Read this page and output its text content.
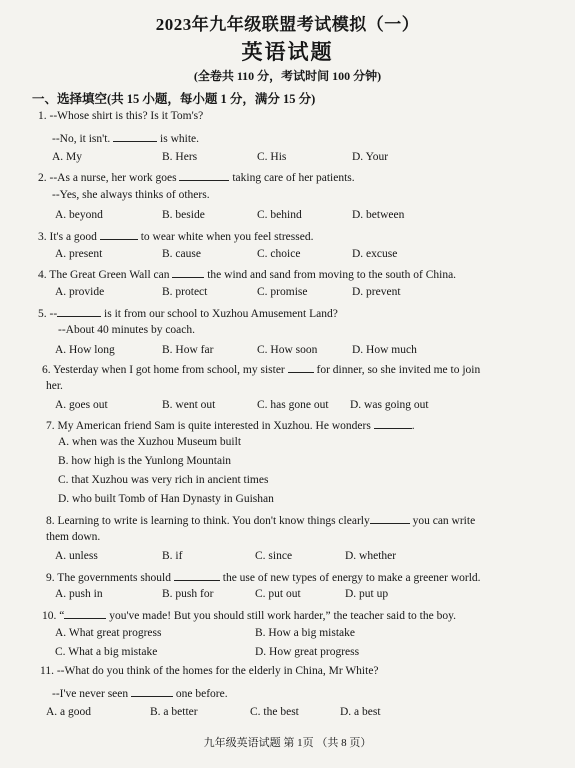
2023年九年级联盟考试模拟（一）
英语试题
(全卷共 110 分，考试时间 100 分钟)
一、选择填空(共 15 小题，每小题 1 分，满分 15 分)
1. --Whose shirt is this? Is it Tom's?
--No, it isn't.	is white.
A. My	B. Hers	C. His	D. Your
2. --As a nurse, her work goes	taking care of her patients.
--Yes, she always thinks of others.
A. beyond	B. beside	C. behind	D. between
3. It's a good	to wear white when you feel stressed.
A. present	B. cause	C. choice	D. excuse
4. The Great Green Wall can	the wind and sand from moving to the south of China.
A. provide	B. protect	C. promise	D. prevent
5. --	is it from our school to Xuzhou Amusement Land?
--About 40 minutes by coach.
A. How long	B. How far	C. How soon	D. How much
6. Yesterday when I got home from school, my sister	for dinner, so she invited me to join
her.
A. goes out	B. went out	C. has gone out D. was going out
7. My American friend Sam is quite interested in Xuzhou. He wonders	.
A. when was the Xuzhou Museum built
B. how high is the Yunlong Mountain
C. that Xuzhou was very rich in ancient times
D. who built Tomb of Han Dynasty in Guishan
8. Learning to write is learning to think. You don't know things clearly	you can write
them down.
A. unless	B. if	C. since	D. whether
9. The governments should	the use of new types of energy to make a greener world.
A. push in	B. push for	C. put out	D. put up
10. “	you've made! But you should still work harder,” the teacher said to the boy.
A. What great progress	B. How a big mistake
C. What a big mistake	D. How great progress
11. --What do you think of the homes for the elderly in China, Mr White?
--I've never seen	one before.
A. a good	B. a better	C. the best	D. a best
九年级英语试题 第 1页 （共 8 页）
